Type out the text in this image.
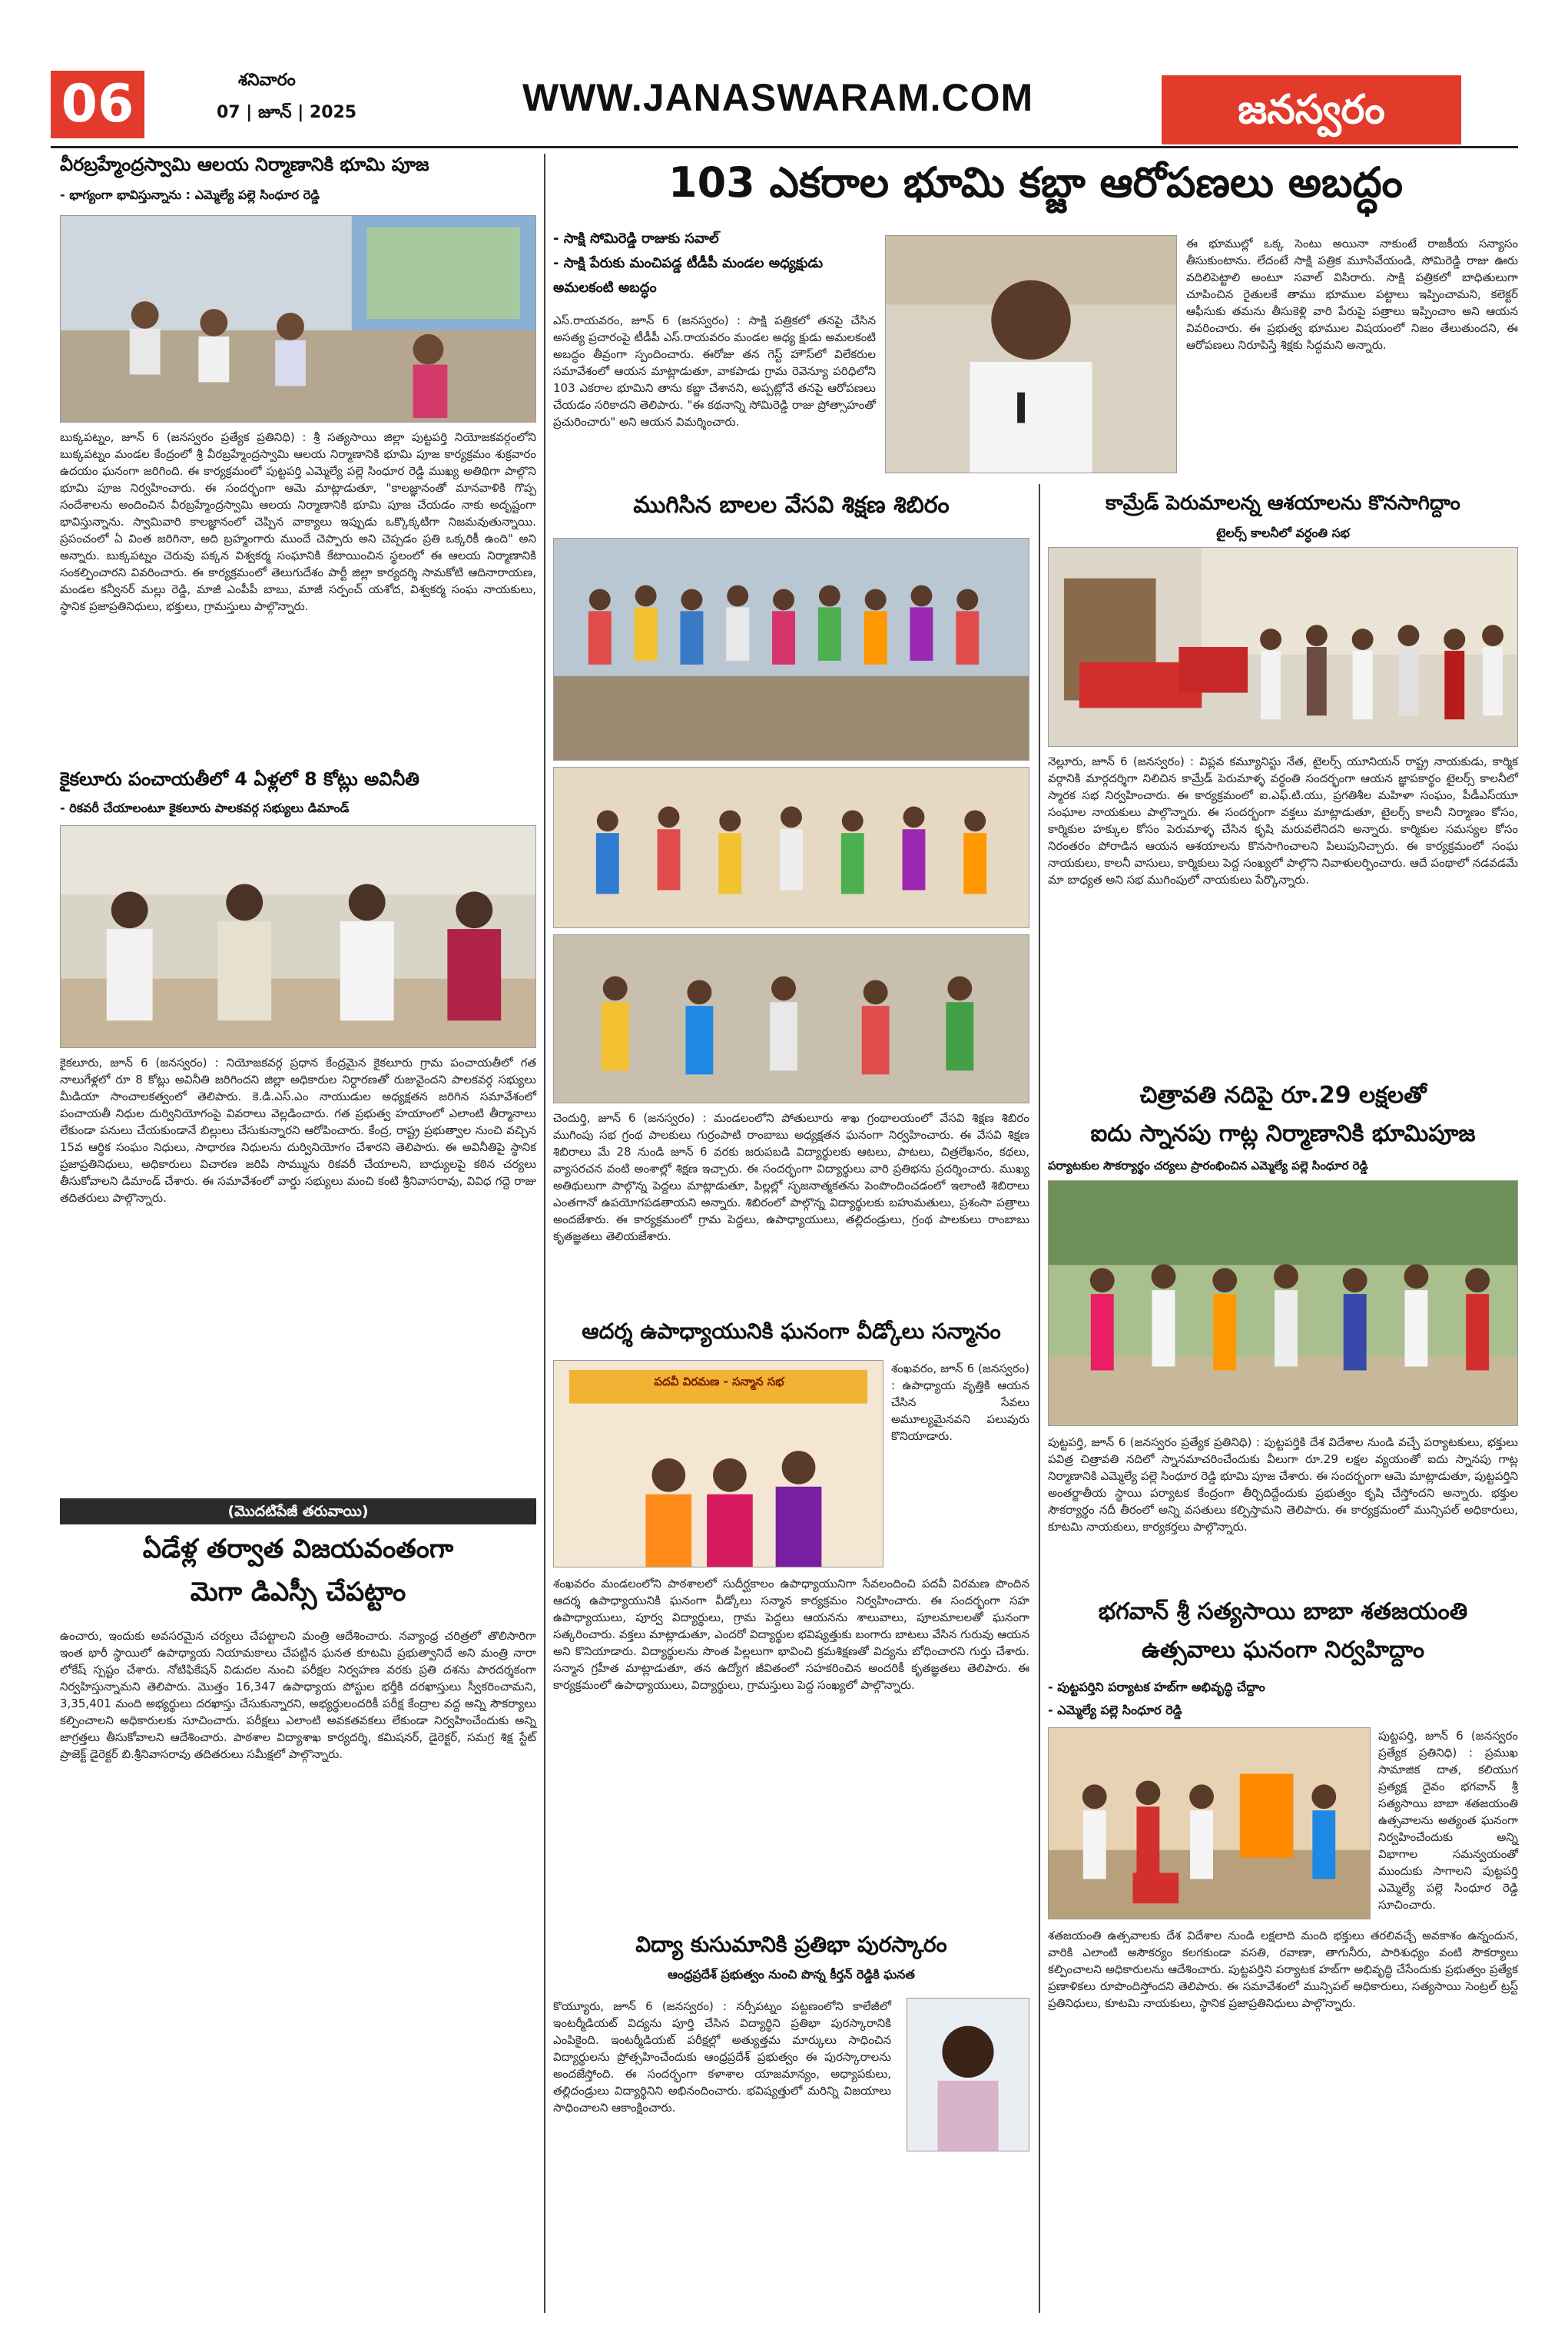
06	శనివారం
07 | జూన్ | 2025	WWW.JANASWARAM.COM	జనస్వరం
వీరబ్రహ్మేంద్రస్వామి ఆలయ నిర్మాణానికి భూమి పూజ
- భాగ్యంగా భావిస్తున్నాను : ఎమ్మెల్యే పల్లె సింధూర రెడ్డి
బుక్కపట్నం, జూన్ 6 (జనస్వరం ప్రత్యేక ప్రతినిధి) : శ్రీ సత్యసాయి జిల్లా పుట్టపర్తి నియోజకవర్గంలోని బుక్కపట్నం మండల కేంద్రంలో శ్రీ వీరబ్రహ్మేంద్రస్వామి ఆలయ నిర్మాణానికి భూమి పూజ కార్యక్రమం శుక్రవారం ఉదయం ఘనంగా జరిగింది. ఈ కార్యక్రమంలో పుట్టపర్తి ఎమ్మెల్యే పల్లె సింధూర రెడ్డి ముఖ్య అతిథిగా పాల్గొని భూమి పూజ నిర్వహించారు. ఈ సందర్భంగా ఆమె మాట్లాడుతూ, "కాలజ్ఞానంతో మానవాళికి గొప్ప సందేశాలను అందించిన వీరబ్రహ్మేంద్రస్వామి ఆలయ నిర్మాణానికి భూమి పూజ చేయడం నాకు అదృష్టంగా భావిస్తున్నాను. స్వామివారి కాలజ్ఞానంలో చెప్పిన వాక్యాలు ఇప్పుడు ఒక్కొక్కటిగా నిజమవుతున్నాయి. ప్రపంచంలో ఏ వింత జరిగినా, అది బ్రహ్మంగారు ముందే చెప్పారు అని చెప్పడం ప్రతి ఒక్కరికీ ఉంది" అని అన్నారు. బుక్కపట్నం చెరువు పక్కన విశ్వకర్మ సంఘానికి కేటాయించిన స్థలంలో ఈ ఆలయ నిర్మాణానికి సంకల్పించారని వివరించారు. ఈ కార్యక్రమంలో తెలుగుదేశం పార్టీ జిల్లా కార్యదర్శి సామకోటి ఆదినారాయణ, మండల కన్వీనర్ మల్లు రెడ్డి, మాజీ ఎంపీపీ బాబు, మాజీ సర్పంచ్ యశోద, విశ్వకర్మ సంఘ నాయకులు, స్థానిక ప్రజాప్రతినిధులు, భక్తులు, గ్రామస్తులు పాల్గొన్నారు.
కైకలూరు పంచాయతీలో 4 ఏళ్లలో 8 కోట్లు అవినీతి
- రికవరీ చేయాలంటూ కైకలూరు పాలకవర్గ సభ్యులు డిమాండ్
కైకలూరు, జూన్ 6 (జనస్వరం) : నియోజకవర్గ ప్రధాన కేంద్రమైన కైకలూరు గ్రామ పంచాయతీలో గత నాలుగేళ్లలో రూ 8 కోట్లు అవినీతి జరిగిందని జిల్లా అధికారుల నిర్ధారణతో రుజువైందని పాలకవర్గ సభ్యులు మీడియా సాంచాలకత్వంలో తెలిపారు. కె.డి.ఎస్.ఎం నాయుడుల అధ్యక్షతన జరిగిన సమావేశంలో పంచాయతీ నిధుల దుర్వినియోగంపై వివరాలు వెల్లడించారు. గత ప్రభుత్వ హయాంలో ఎలాంటి తీర్మానాలు లేకుండా పనులు చేయకుండానే బిల్లులు చేసుకున్నారని ఆరోపించారు. కేంద్ర, రాష్ట్ర ప్రభుత్వాల నుంచి వచ్చిన 15వ ఆర్థిక సంఘం నిధులు, సాధారణ నిధులను దుర్వినియోగం చేశారని తెలిపారు. ఈ అవినీతిపై స్థానిక ప్రజాప్రతినిధులు, అధికారులు విచారణ జరిపి సొమ్మును రికవరీ చేయాలని, బాధ్యులపై కఠిన చర్యలు తీసుకోవాలని డిమాండ్ చేశారు. ఈ సమావేశంలో వార్డు సభ్యులు మంచి కంటి శ్రీనివాసరావు, వివిధ గద్దె రాజు తదితరులు పాల్గొన్నారు.
(మొదటిపేజీ తరువాయి)
ఏడేళ్ల తర్వాత విజయవంతంగా
మెగా డిఎస్సీ చేపట్టాం
ఉంచారు, ఇందుకు అవసరమైన చర్యలు చేపట్టాలని మంత్రి ఆదేశించారు. నవ్యాంధ్ర చరిత్రలో తొలిసారిగా ఇంత భారీ స్థాయిలో ఉపాధ్యాయ నియామకాలు చేపట్టిన ఘనత కూటమి ప్రభుత్వానిదే అని మంత్రి నారా లోకేష్ స్పష్టం చేశారు. నోటిఫికేషన్ విడుదల నుంచి పరీక్షల నిర్వహణ వరకు ప్రతి దశను పారదర్శకంగా నిర్వహిస్తున్నామని తెలిపారు. మొత్తం 16,347 ఉపాధ్యాయ పోస్టుల భర్తీకి దరఖాస్తులు స్వీకరించామని, 3,35,401 మంది అభ్యర్థులు దరఖాస్తు చేసుకున్నారని, అభ్యర్థులందరికీ పరీక్ష కేంద్రాల వద్ద అన్ని సౌకర్యాలు కల్పించాలని అధికారులకు సూచించారు. పరీక్షలు ఎలాంటి అవకతవకలు లేకుండా నిర్వహించేందుకు అన్ని జాగ్రత్తలు తీసుకోవాలని ఆదేశించారు. పాఠశాల విద్యాశాఖ కార్యదర్శి, కమిషనర్, డైరెక్టర్, సమగ్ర శిక్ష స్టేట్ ప్రాజెక్ట్ డైరెక్టర్ బి.శ్రీనివాసరావు తదితరులు సమీక్షలో పాల్గొన్నారు.
103 ఎకరాల భూమి కబ్జా ఆరోపణలు అబద్ధం
- సాక్షి సోమిరెడ్డి రాజుకు సవాల్
- సాక్షి పేరుకు మంచిపడ్డ టీడీపీ మండల అధ్యక్షుడు
అమలకంటి అబద్ధం
ఎస్.రాయవరం, జూన్ 6 (జనస్వరం) : సాక్షి పత్రికలో తనపై చేసిన అసత్య ప్రచారంపై టీడీపీ ఎస్.రాయవరం మండల అధ్య క్షుడు అమలకంటి అబద్ధం తీవ్రంగా స్పందించారు. ఈరోజు తన గెస్ట్ హౌస్‌లో విలేకరుల సమావేశంలో ఆయన మాట్లాడుతూ, వాకపాడు గ్రామ రెవెన్యూ పరిధిలోని 103 ఎకరాల భూమిని తాను కబ్జా చేశానని, అప్పట్లోనే తనపై ఆరోపణలు చేయడం సరికాదని తెలిపారు. "ఈ కథనాన్ని సోమిరెడ్డి రాజు ప్రోత్సాహంతో ప్రచురించారు" అని ఆయన విమర్శించారు.
ఈ భూముల్లో ఒక్క సెంటు అయినా నాకుంటే రాజకీయ సన్యాసం తీసుకుంటాను. లేదంటే సాక్షి పత్రిక మూసివేయండి, సోమిరెడ్డి రాజు ఊరు వదిలిపెట్టాలి అంటూ సవాల్ విసిరారు. సాక్షి పత్రికలో బాధితులుగా చూపించిన రైతులకే తాము భూముల పట్టాలు ఇప్పించామని, కలెక్టర్ ఆఫీసుకు తమను తీసుకెళ్లి వారి పేరుపై పత్రాలు ఇప్పించాం అని ఆయన వివరించారు. ఈ ప్రభుత్వ భూముల విషయంలో నిజం తేలుతుందని, ఈ ఆరోపణలు నిరూపిస్తే శిక్షకు సిద్ధమని అన్నారు.
ముగిసిన బాలల వేసవి శిక్షణ శిబిరం
చెందుర్తి, జూన్ 6 (జనస్వరం) : మండలంలోని పోతులూరు శాఖ గ్రంథాలయంలో వేసవి శిక్షణ శిబిరం ముగింపు సభ గ్రంథ పాలకులు గుర్రంపాటి రాంబాబు అధ్యక్షతన ఘనంగా నిర్వహించారు. ఈ వేసవి శిక్షణ శిబిరాలు మే 28 నుండి జూన్ 6 వరకు జరుపబడి విద్యార్థులకు ఆటలు, పాటలు, చిత్రలేఖనం, కథలు, వ్యాసరచన వంటి అంశాల్లో శిక్షణ ఇచ్చారు. ఈ సందర్భంగా విద్యార్థులు వారి ప్రతిభను ప్రదర్శించారు. ముఖ్య అతిథులుగా పాల్గొన్న పెద్దలు మాట్లాడుతూ, పిల్లల్లో సృజనాత్మకతను పెంపొందించడంలో ఇలాంటి శిబిరాలు ఎంతగానో ఉపయోగపడతాయని అన్నారు. శిబిరంలో పాల్గొన్న విద్యార్థులకు బహుమతులు, ప్రశంసా పత్రాలు అందజేశారు. ఈ కార్యక్రమంలో గ్రామ పెద్దలు, ఉపాధ్యాయులు, తల్లిదండ్రులు, గ్రంథ పాలకులు రాంబాబు కృతజ్ఞతలు తెలియజేశారు.
ఆదర్శ ఉపాధ్యాయునికి ఘనంగా వీడ్కోలు సన్మానం
పదవీ విరమణ - సన్మాన సభ
శంఖవరం, జూన్ 6 (జనస్వరం) : ఉపాధ్యాయ వృత్తికి ఆయన చేసిన సేవలు అమూల్యమైనవని పలువురు కొనియాడారు.
శంఖవరం మండలంలోని పాఠశాలలో సుదీర్ఘకాలం ఉపాధ్యాయునిగా సేవలందించి పదవీ విరమణ పొందిన ఆదర్శ ఉపాధ్యాయునికి ఘనంగా వీడ్కోలు సన్మాన కార్యక్రమం నిర్వహించారు. ఈ సందర్భంగా సహ ఉపాధ్యాయులు, పూర్వ విద్యార్థులు, గ్రామ పెద్దలు ఆయనను శాలువాలు, పూలమాలలతో ఘనంగా సత్కరించారు. వక్తలు మాట్లాడుతూ, ఎందరో విద్యార్థుల భవిష్యత్తుకు బంగారు బాటలు వేసిన గురువు ఆయన అని కొనియాడారు. విద్యార్థులను సొంత పిల్లలుగా భావించి క్రమశిక్షణతో విద్యను బోధించారని గుర్తు చేశారు. సన్మాన గ్రహీత మాట్లాడుతూ, తన ఉద్యోగ జీవితంలో సహకరించిన అందరికీ కృతజ్ఞతలు తెలిపారు. ఈ కార్యక్రమంలో ఉపాధ్యాయులు, విద్యార్థులు, గ్రామస్తులు పెద్ద సంఖ్యలో పాల్గొన్నారు.
విద్యా కుసుమానికి ప్రతిభా పురస్కారం
ఆంధ్రప్రదేశ్ ప్రభుత్వం నుంచి పొన్న కీర్తన్ రెడ్డికి ఘనత
కొయ్యూరు, జూన్ 6 (జనస్వరం) : నర్సీపట్నం పట్టణంలోని కాలేజీలో ఇంటర్మీడియట్ విద్యను పూర్తి చేసిన విద్యార్థిని ప్రతిభా పురస్కారానికి ఎంపికైంది. ఇంటర్మీడియట్ పరీక్షల్లో అత్యుత్తమ మార్కులు సాధించిన విద్యార్థులను ప్రోత్సహించేందుకు ఆంధ్రప్రదేశ్ ప్రభుత్వం ఈ పురస్కారాలను అందజేస్తోంది. ఈ సందర్భంగా కళాశాల యాజమాన్యం, అధ్యాపకులు, తల్లిదండ్రులు విద్యార్థినిని అభినందించారు. భవిష్యత్తులో మరిన్ని విజయాలు సాధించాలని ఆకాంక్షించారు.
కామ్రేడ్ పెరుమాలన్న ఆశయాలను కొనసాగిద్దాం
టైలర్స్ కాలనీలో వర్ధంతి సభ
నెల్లూరు, జూన్ 6 (జనస్వరం) : విప్లవ కమ్యూనిస్టు నేత, టైలర్స్ యూనియన్ రాష్ట్ర నాయకుడు, కార్మిక వర్గానికి మార్గదర్శిగా నిలిచిన కామ్రేడ్ పెరుమాళ్ళ వర్ధంతి సందర్భంగా ఆయన జ్ఞాపకార్థం టైలర్స్ కాలనీలో స్మారక సభ నిర్వహించారు. ఈ కార్యక్రమంలో ఐ.ఎఫ్.టి.యు, ప్రగతిశీల మహిళా సంఘం, పీడీఎస్‌యూ సంఘాల నాయకులు పాల్గొన్నారు. ఈ సందర్భంగా వక్తలు మాట్లాడుతూ, టైలర్స్ కాలనీ నిర్మాణం కోసం, కార్మికుల హక్కుల కోసం పెరుమాళ్ళ చేసిన కృషి మరువలేనిదని అన్నారు. కార్మికుల సమస్యల కోసం నిరంతరం పోరాడిన ఆయన ఆశయాలను కొనసాగించాలని పిలుపునిచ్చారు. ఈ కార్యక్రమంలో సంఘ నాయకులు, కాలనీ వాసులు, కార్మికులు పెద్ద సంఖ్యలో పాల్గొని నివాళులర్పించారు. ఆదే పంథాలో నడవడమే మా బాధ్యత అని సభ ముగింపులో నాయకులు పేర్కొన్నారు.
చిత్రావతి నదిపై రూ.29 లక్షలతో
ఐదు స్నానపు గాట్ల నిర్మాణానికి భూమిపూజ
పర్యాటకుల సౌకర్యార్థం చర్యలు ప్రారంభించిన ఎమ్మెల్యే పల్లె సింధూర రెడ్డి
పుట్టపర్తి, జూన్ 6 (జనస్వరం ప్రత్యేక ప్రతినిధి) : పుట్టపర్తికి దేశ విదేశాల నుండి వచ్చే పర్యాటకులు, భక్తులు పవిత్ర చిత్రావతి నదిలో స్నానమాచరించేందుకు వీలుగా రూ.29 లక్షల వ్యయంతో ఐదు స్నానపు గాట్ల నిర్మాణానికి ఎమ్మెల్యే పల్లె సింధూర రెడ్డి భూమి పూజ చేశారు. ఈ సందర్భంగా ఆమె మాట్లాడుతూ, పుట్టపర్తిని అంతర్జాతీయ స్థాయి పర్యాటక కేంద్రంగా తీర్చిదిద్దేందుకు ప్రభుత్వం కృషి చేస్తోందని అన్నారు. భక్తుల సౌకర్యార్థం నదీ తీరంలో అన్ని వసతులు కల్పిస్తామని తెలిపారు. ఈ కార్యక్రమంలో మున్సిపల్ అధికారులు, కూటమి నాయకులు, కార్యకర్తలు పాల్గొన్నారు.
భగవాన్ శ్రీ సత్యసాయి బాబా శతజయంతి
ఉత్సవాలు ఘనంగా నిర్వహిద్దాం
- పుట్టపర్తిని పర్యాటక హబ్‌గా అభివృద్ధి చేద్దాం
- ఎమ్మెల్యే పల్లె సింధూర రెడ్డి
పుట్టపర్తి, జూన్ 6 (జనస్వరం ప్రత్యేక ప్రతినిధి) : ప్రముఖ సామాజిక దాత, కలియుగ ప్రత్యక్ష దైవం భగవాన్ శ్రీ సత్యసాయి బాబా శతజయంతి ఉత్సవాలను అత్యంత ఘనంగా నిర్వహించేందుకు అన్ని విభాగాల సమన్వయంతో ముందుకు సాగాలని పుట్టపర్తి ఎమ్మెల్యే పల్లె సింధూర రెడ్డి సూచించారు.
శతజయంతి ఉత్సవాలకు దేశ విదేశాల నుండి లక్షలాది మంది భక్తులు తరలివచ్చే అవకాశం ఉన్నందున, వారికి ఎలాంటి అసౌకర్యం కలగకుండా వసతి, రవాణా, తాగునీరు, పారిశుధ్యం వంటి సౌకర్యాలు కల్పించాలని అధికారులను ఆదేశించారు. పుట్టపర్తిని పర్యాటక హబ్‌గా అభివృద్ధి చేసేందుకు ప్రభుత్వం ప్రత్యేక ప్రణాళికలు రూపొందిస్తోందని తెలిపారు. ఈ సమావేశంలో మున్సిపల్ అధికారులు, సత్యసాయి సెంట్రల్ ట్రస్ట్ ప్రతినిధులు, కూటమి నాయకులు, స్థానిక ప్రజాప్రతినిధులు పాల్గొన్నారు.
